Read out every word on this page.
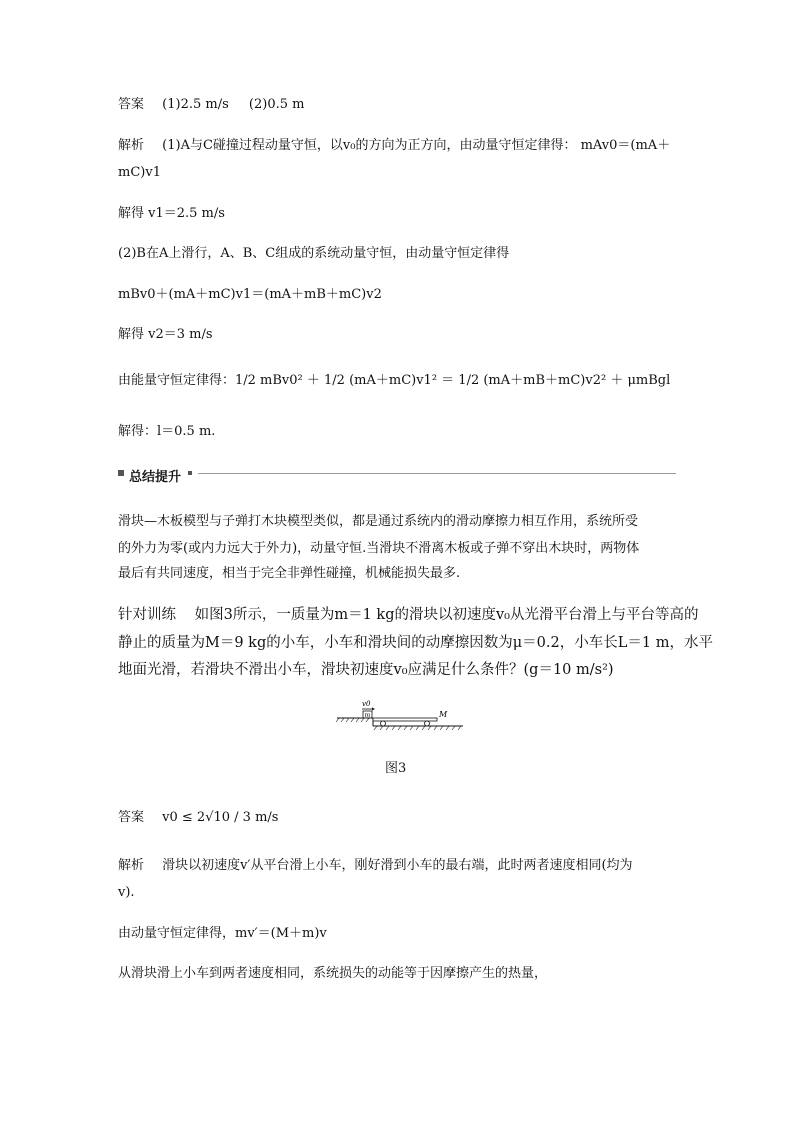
答案 (1)2.5 m/s (2)0.5 m
解析 (1)A与C碰撞过程动量守恒，以v₀的方向为正方向，由动量守恒定律得： mAv0＝(mA＋
mC)v1
解得 v1＝2.5 m/s
(2)B在A上滑行，A、B、C组成的系统动量守恒，由动量守恒定律得
mBv0＋(mA＋mC)v1＝(mA＋mB＋mC)v2
解得 v2＝3 m/s
由能量守恒定律得：1/2 mBv0² ＋ 1/2 (mA＋mC)v1² ＝ 1/2 (mA＋mB＋mC)v2² ＋ μmBgl
解得：l＝0.5 m.
总结提升
滑块—木板模型与子弹打木块模型类似，都是通过系统内的滑动摩擦力相互作用，系统所受
的外力为零(或内力远大于外力)，动量守恒.当滑块不滑离木板或子弹不穿出木块时，两物体
最后有共同速度，相当于完全非弹性碰撞，机械能损失最多.
针对训练 如图3所示，一质量为m＝1 kg的滑块以初速度v₀从光滑平台滑上与平台等高的
静止的质量为M＝9 kg的小车，小车和滑块间的动摩擦因数为μ＝0.2，小车长L＝1 m，水平
地面光滑，若滑块不滑出小车，滑块初速度v₀应满足什么条件？(g＝10 m/s²)
v0
m	M
图3
答案 v0 ≤ 2√10 / 3 m/s
解析 滑块以初速度v′从平台滑上小车，刚好滑到小车的最右端，此时两者速度相同(均为
v).
由动量守恒定律得，mv′＝(M＋m)v
从滑块滑上小车到两者速度相同，系统损失的动能等于因摩擦产生的热量，
